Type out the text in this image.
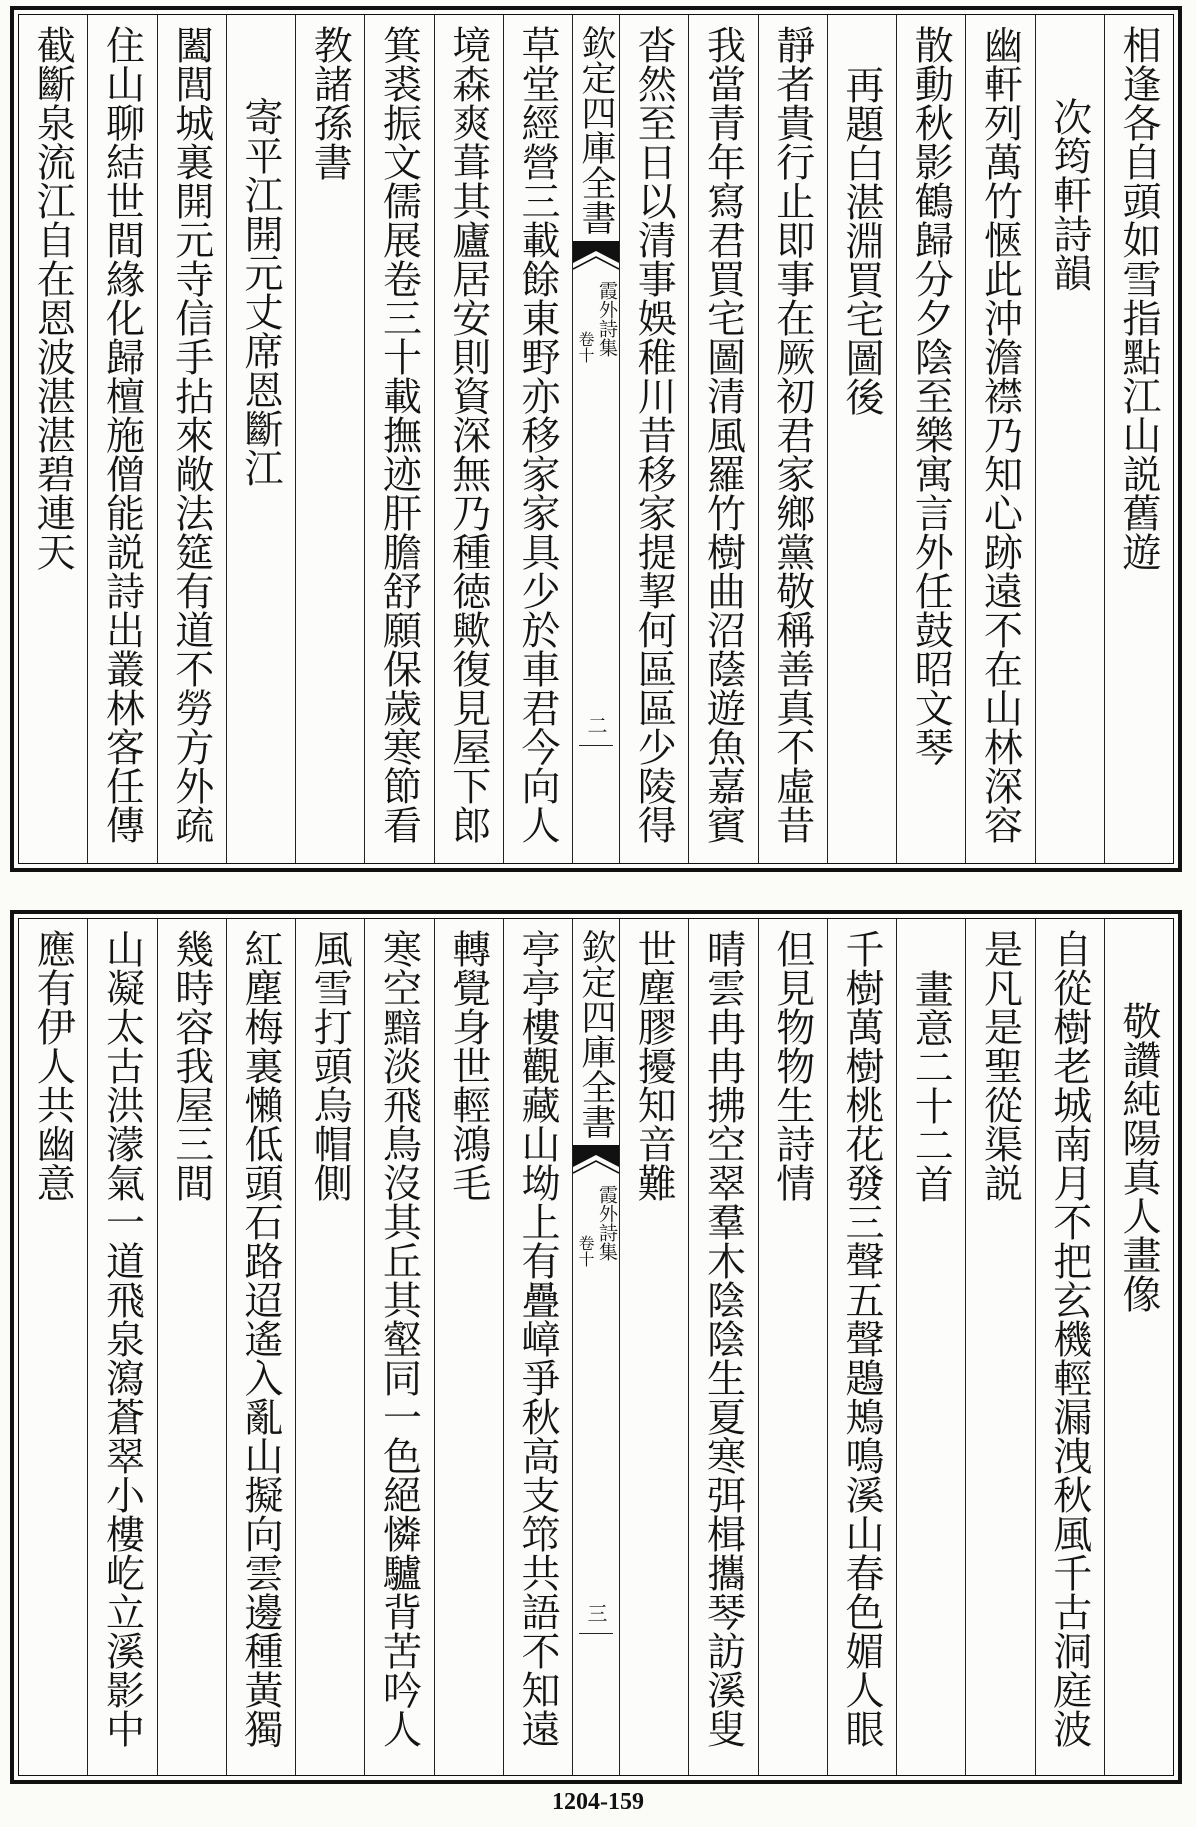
相逢各自頭如雪指點江山説舊遊
次筠軒詩韻
幽軒列萬竹愜此沖澹襟乃知心跡遠不在山林深容
散動秋影鶴歸分夕陰至樂寓言外任鼓昭文琴
再題白湛淵買宅圖後
靜者貴行止即事在厥初君家鄉黨敬稱善真不虛昔
我當青年寫君買宅圖清風羅竹樹曲沼蔭遊魚嘉賓
沓然至日以清事娛稚川昔移家提挈何區區少陵得
欽定四庫全書
霞外詩集
卷十
二
草堂經營三載餘東野亦移家家具少於車君今向人
境森爽葺其廬居安則資深無乃種徳歟復見屋下郎
箕裘振文儒展卷三十載撫迹肝膽舒願保歲寒節看
教諸孫書
寄平江開元丈席恩斷江
闔閭城裏開元寺信手拈來敞法筵有道不勞方外疏
住山聊結世間緣化歸檀施僧能説詩出叢林客任傳
截斷泉流江自在恩波湛湛碧連天
敬讚純陽真人畫像
自從樹老城南月不把玄機輕漏洩秋風千古洞庭波
是凡是聖從渠説
畫意二十二首
千樹萬樹桃花發三聲五聲鶗鴂鳴溪山春色媚人眼
但見物物生詩情
晴雲冉冉拂空翠羣木陰陰生夏寒弭楫攜琴訪溪叟
世塵膠擾知音難
欽定四庫全書
霞外詩集
卷十
三
亭亭樓觀藏山坳上有疊嶂爭秋高支筇共語不知遠
轉覺身世輕鴻毛
寒空黯淡飛鳥沒其丘其壑同一色絕憐驢背苦吟人
風雪打頭烏帽側
紅塵梅裏懶低頭石路迢遙入亂山擬向雲邊種黃獨
幾時容我屋三間
山凝太古洪濛氣一道飛泉瀉蒼翠小樓屹立溪影中
應有伊人共幽意
1204-159
